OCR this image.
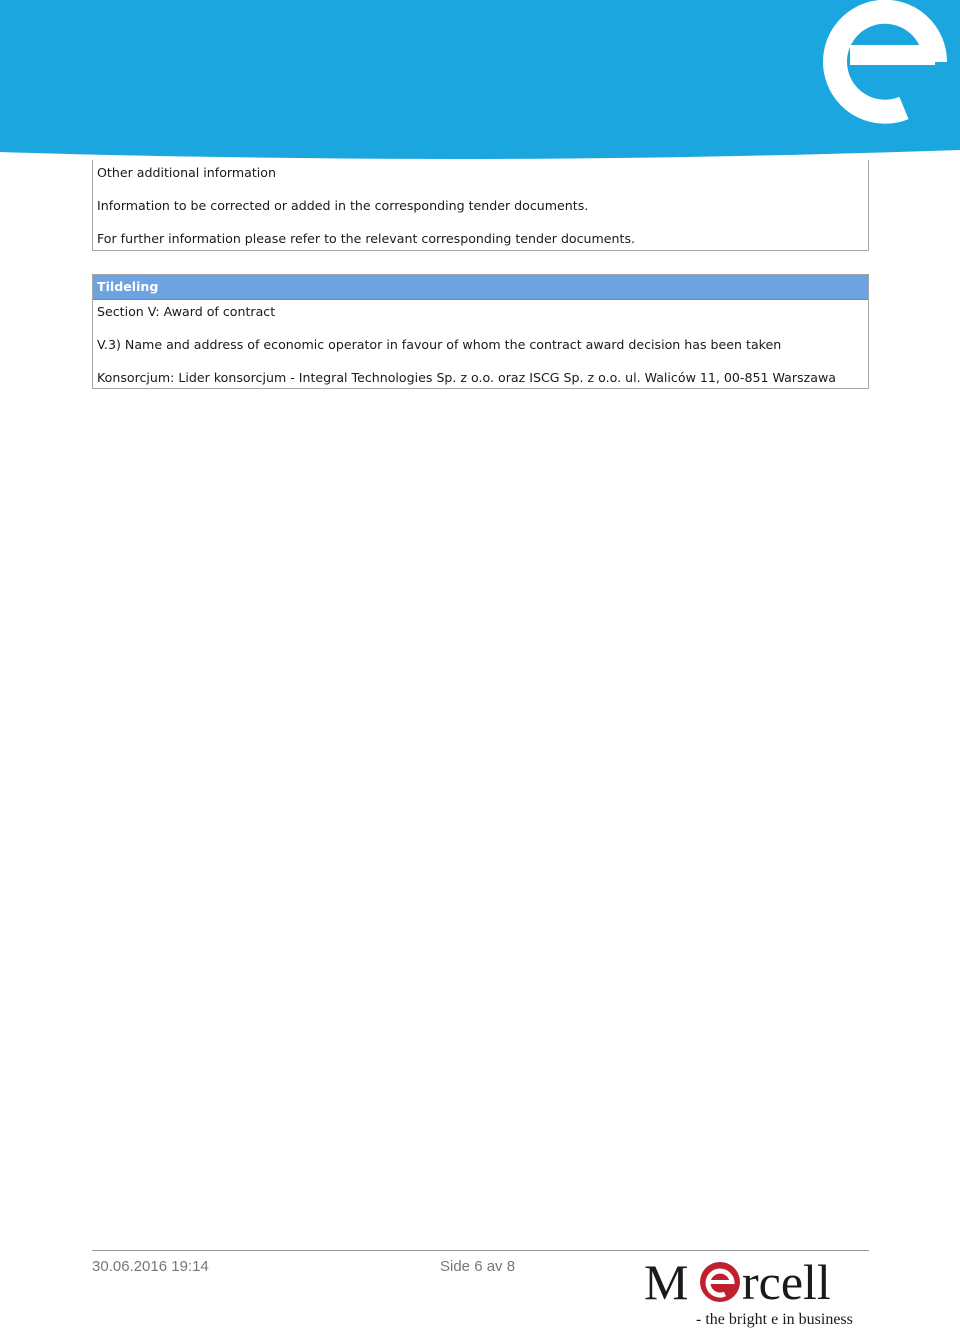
Other additional information
Information to be corrected or added in the corresponding tender documents.
For further information please refer to the relevant corresponding tender documents.
Tildeling
Section V: Award of contract
V.3) Name and address of economic operator in favour of whom the contract award decision has been taken
Konsorcjum: Lider konsorcjum - Integral Technologies Sp. z o.o. oraz ISCG Sp. z o.o. ul. Waliców 11, 00-851 Warszawa
30.06.2016 19:14	Side 6 av 8	M rcell
- the bright e in business
